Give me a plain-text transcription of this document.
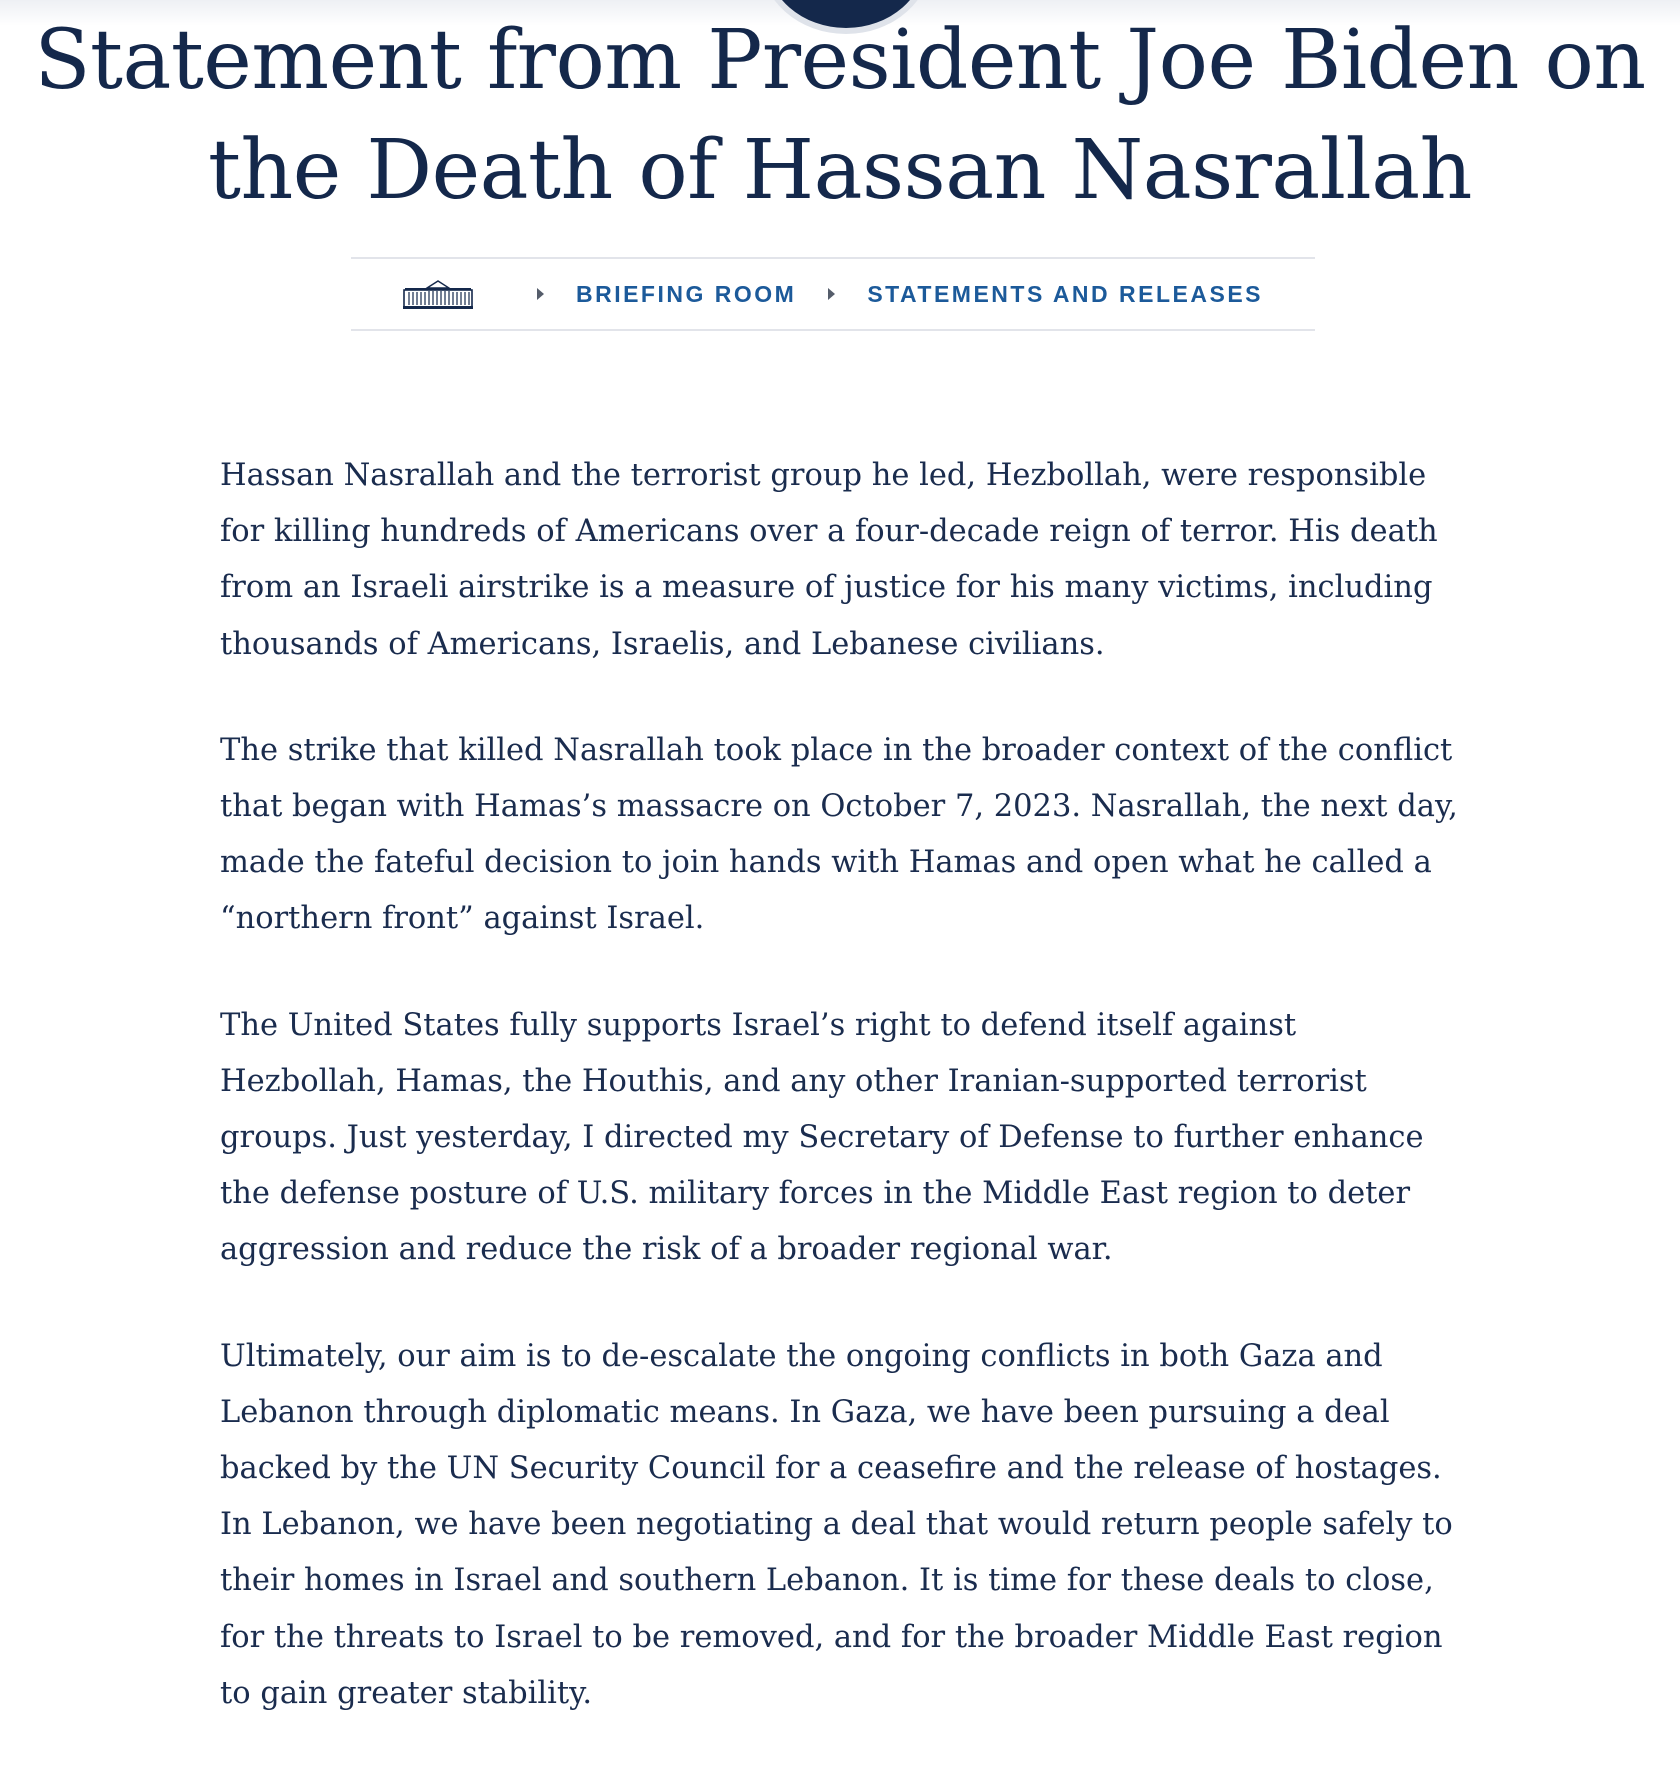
Statement from President Joe Biden on the Death of Hassan Nasrallah
BRIEFING ROOM	STATEMENTS AND RELEASES

Hassan Nasrallah and the terrorist group he led, Hezbollah, were responsible for killing hundreds of Americans over a four-decade reign of terror. His death from an Israeli airstrike is a measure of justice for his many victims, including thousands of Americans, Israelis, and Lebanese civilians.

The strike that killed Nasrallah took place in the broader context of the conflict that began with Hamas’s massacre on October 7, 2023. Nasrallah, the next day, made the fateful decision to join hands with Hamas and open what he called a “northern front” against Israel.

The United States fully supports Israel’s right to defend itself against Hezbollah, Hamas, the Houthis, and any other Iranian-supported terrorist groups. Just yesterday, I directed my Secretary of Defense to further enhance the defense posture of U.S. military forces in the Middle East region to deter aggression and reduce the risk of a broader regional war.

Ultimately, our aim is to de-escalate the ongoing conflicts in both Gaza and Lebanon through diplomatic means. In Gaza, we have been pursuing a deal backed by the UN Security Council for a ceasefire and the release of hostages. In Lebanon, we have been negotiating a deal that would return people safely to their homes in Israel and southern Lebanon. It is time for these deals to close, for the threats to Israel to be removed, and for the broader Middle East region to gain greater stability.
